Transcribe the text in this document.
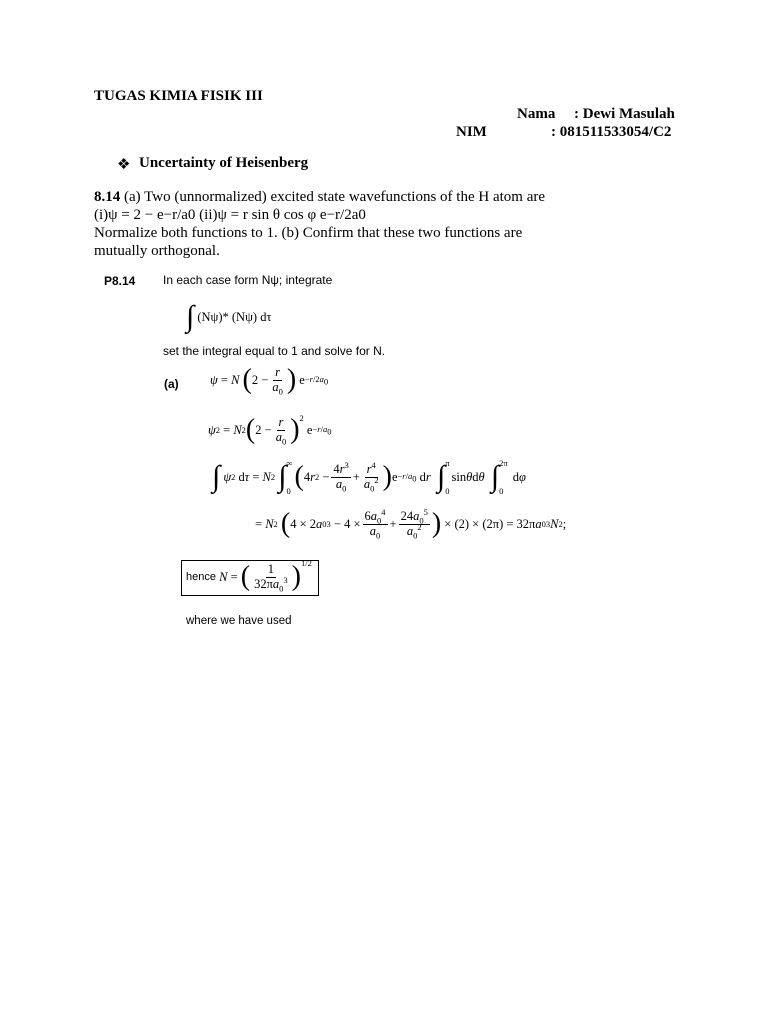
TUGAS KIMIA FISIK III
Nama : Dewi Masulah
NIM	: 081511533054/C2
❖ Uncertainty of Heisenberg
8.14 (a) Two (unnormalized) excited state wavefunctions of the H atom are
(i)ψ = 2 − e−r/a0 (ii)ψ = r sin θ cos φ e−r/2a0
Normalize both functions to 1. (b) Confirm that these two functions are
mutually orthogonal.
P8.14 In each case form Nψ; integrate
∫
(Nψ)* (Nψ) dτ
set the integral equal to 1 and solve for N.
(a)	ψ = N
( $2 - \frac{r}{a_0}$ ) $e -r/2a_0$
ψ 2 = N 2 ( $2 - \frac{r}{a_0} )^2$
$e -r/a_0$
∫
ψ 2 d τ = N 2
∫ ∞
0 ( 4 r $2 - \frac{4r^3}{a_0} + \frac{r^4}{a_0^2}$ ) $e -r/a_0$ d r
∫ π
0
sin θ d θ
∫ 2π
0
d φ
= N 2
( 4 × 2 a 0 $3 - 4 \times \frac{6a_0^4}{a_0} + \frac{24a_0^5}{a_0^2}$ ) × (2) × (2π) = 32π a 0 3 N 2 ;
hence
N = ( $\frac{1}{32\pi a_0^3} )^{1/2}$
where we have used
